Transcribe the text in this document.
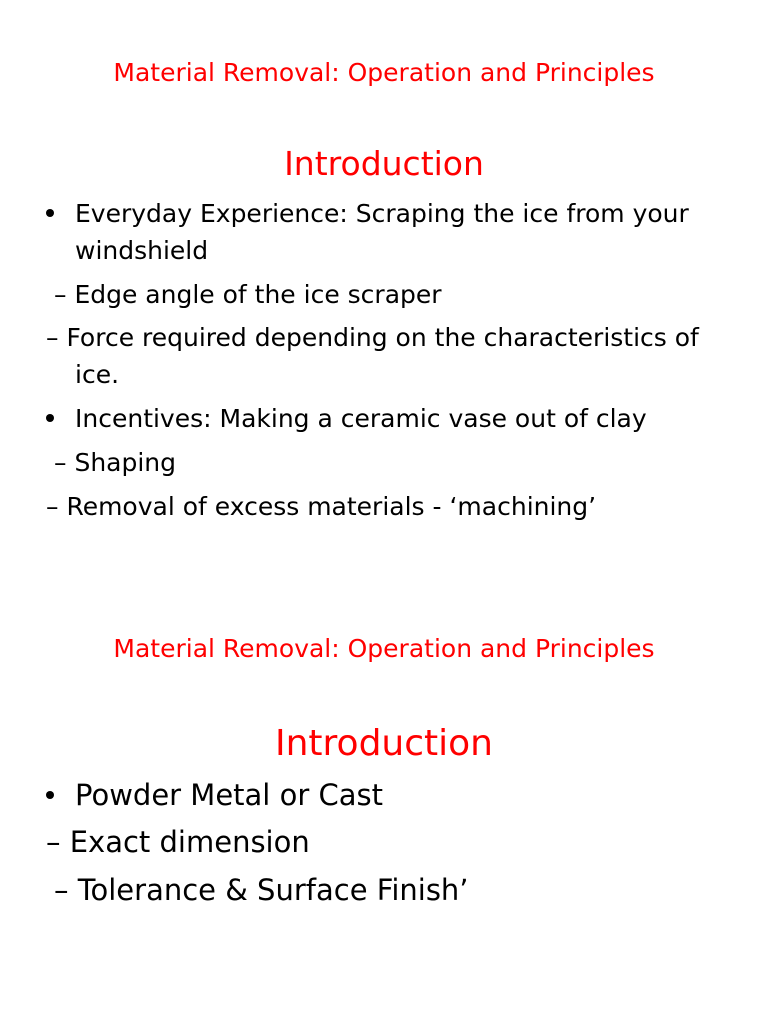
Material Removal: Operation and Principles
Introduction
Everyday Experience: Scraping the ice from your
windshield
– Edge angle of the ice scraper
– Force required depending on the characteristics of
ice.
Incentives: Making a ceramic vase out of clay
– Shaping
– Removal of excess materials - ‘machining’
Material Removal: Operation and Principles
Introduction
Powder Metal or Cast
– Exact dimension
– Tolerance & Surface Finish’
